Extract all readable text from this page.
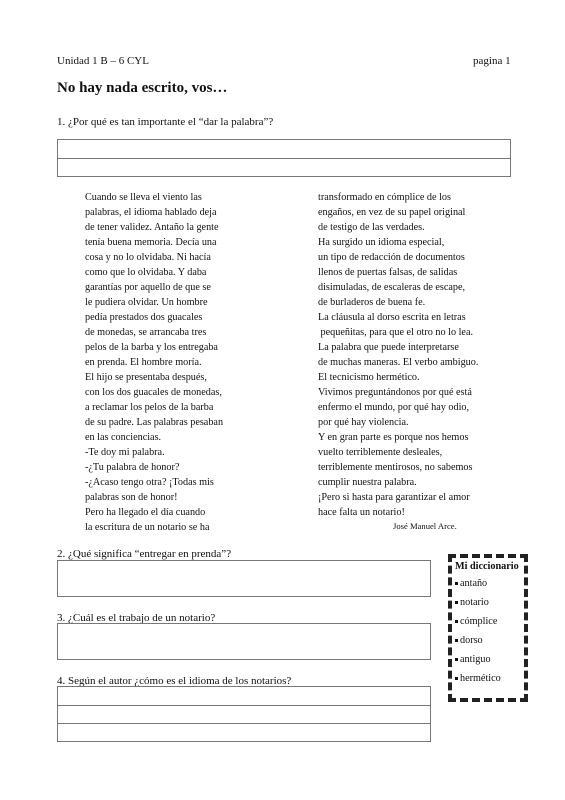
Unidad 1 B – 6 CYL	pagina 1
No hay nada escrito, vos…
1. ¿Por qué es tan importante el “dar la palabra”?
Cuando se lleva el viento las
palabras, el idioma hablado deja
de tener validez. Antaño la gente
tenía buena memoria. Decía una
cosa y no lo olvidaba. Ni hacía
como que lo olvidaba. Y daba
garantías por aquello de que se
le pudiera olvidar. Un hombre
pedía prestados dos guacales
de monedas, se arrancaba tres
pelos de la barba y los entregaba
en prenda. El hombre moría.
El hijo se presentaba después,
con los dos guacales de monedas,
a reclamar los pelos de la barba
de su padre. Las palabras pesaban
en las conciencias.
-Te doy mi palabra.
-¿Tu palabra de honor?
-¿Acaso tengo otra? ¡Todas mis
palabras son de honor!
Pero ha llegado el día cuando
la escritura de un notario se ha
transformado en cómplice de los
engaños, en vez de su papel original
de testigo de las verdades.
Ha surgido un idioma especial,
un tipo de redacción de documentos
llenos de puertas falsas, de salidas
disimuladas, de escaleras de escape,
de burladeros de buena fe.
La cláusula al dorso escrita en letras
pequeñitas, para que el otro no lo lea.
La palabra que puede interpretarse
de muchas maneras. El verbo ambiguo.
El tecnicismo hermético.
Vivimos preguntándonos por qué está
enfermo el mundo, por qué hay odio,
por qué hay violencia.
Y en gran parte es porque nos hemos
vuelto terriblemente desleales,
terriblemente mentirosos, no sabemos
cumplir nuestra palabra.
¡Pero si hasta para garantizar el amor
hace falta un notario!
José Manuel Arce.
2. ¿Qué significa “entregar en prenda”?
3. ¿Cuál es el trabajo de un notario?
4. Según el autor ¿cómo es el idioma de los notarios?
Mi diccionario
antaño
notario
cómplice
dorso
antiguo
hermético
